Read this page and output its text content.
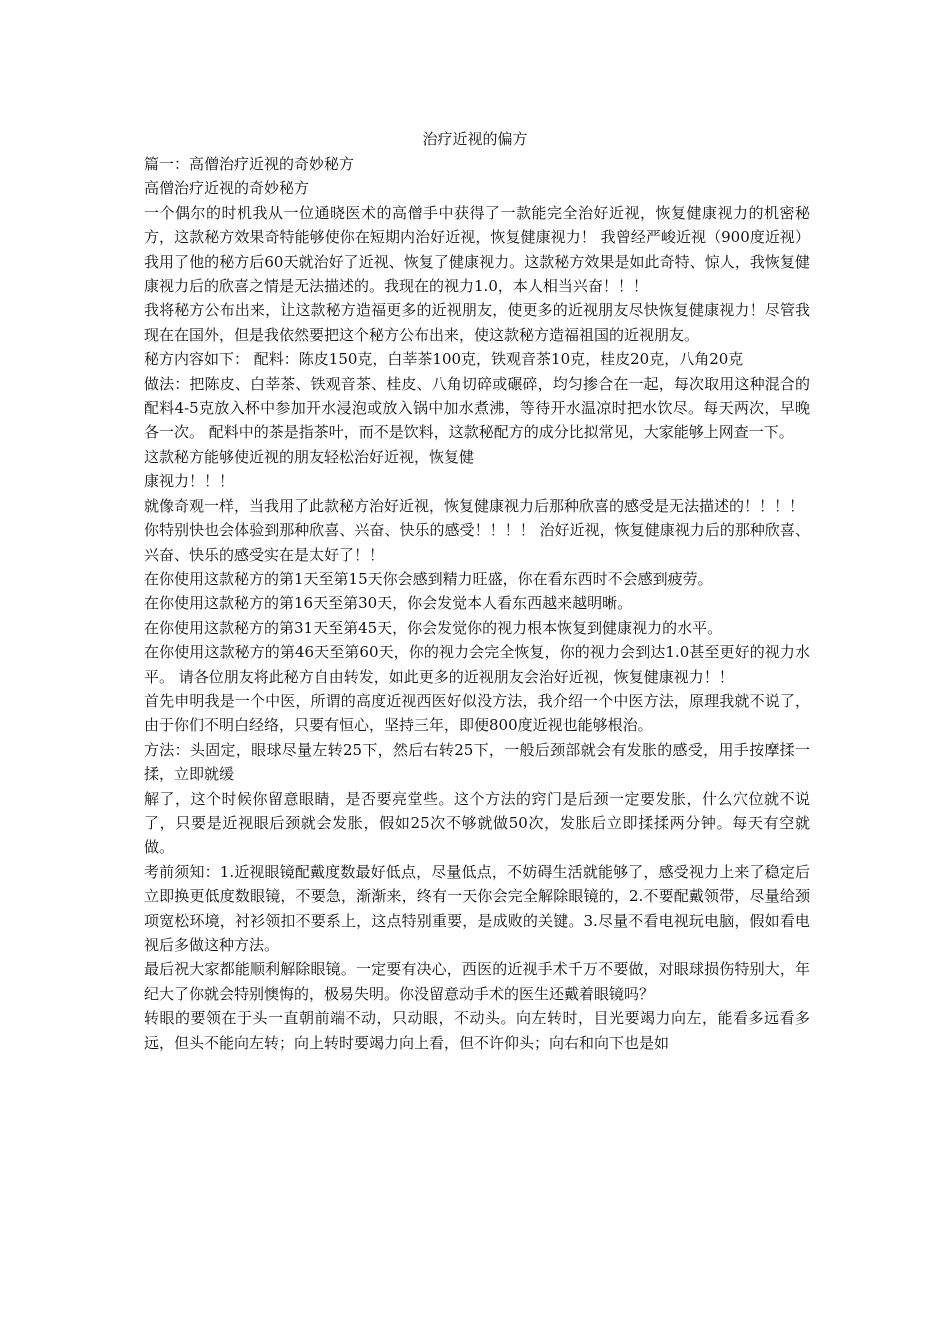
治疗近视的偏方

篇一：高僧治疗近视的奇妙秘方

高僧治疗近视的奇妙秘方

一个偶尔的时机我从一位通晓医术的高僧手中获得了一款能完全治好近视，恢复健康视力的机密秘方，这款秘方效果奇特能够使你在短期内治好近视，恢复健康视力！ 我曾经严峻近视（900度近视）我用了他的秘方后60天就治好了近视、恢复了健康视力。这款秘方效果是如此奇特、惊人，我恢复健康视力后的欣喜之情是无法描述的。我现在的视力1.0，本人相当兴奋！！！

我将秘方公布出来，让这款秘方造福更多的近视朋友，使更多的近视朋友尽快恢复健康视力！尽管我现在在国外，但是我依然要把这个秘方公布出来，使这款秘方造福祖国的近视朋友。

秘方内容如下： 配料：陈皮150克，白莘茶100克，铁观音茶10克，桂皮20克，八角20克

做法：把陈皮、白莘茶、铁观音茶、桂皮、八角切碎或碾碎，均匀掺合在一起，每次取用这种混合的配料4-5克放入杯中参加开水浸泡或放入锅中加水煮沸，等待开水温凉时把水饮尽。每天两次，早晚各一次。 配料中的茶是指茶叶，而不是饮料，这款秘配方的成分比拟常见，大家能够上网查一下。

这款秘方能够使近视的朋友轻松治好近视，恢复健

康视力！！！

就像奇观一样，当我用了此款秘方治好近视，恢复健康视力后那种欣喜的感受是无法描述的！！！！

你特别快也会体验到那种欣喜、兴奋、快乐的感受！！！！ 治好近视，恢复健康视力后的那种欣喜、兴奋、快乐的感受实在是太好了！！

在你使用这款秘方的第1天至第15天你会感到精力旺盛，你在看东西时不会感到疲劳。

在你使用这款秘方的第16天至第30天，你会发觉本人看东西越来越明晰。

在你使用这款秘方的第31天至第45天，你会发觉你的视力根本恢复到健康视力的水平。

在你使用这款秘方的第46天至第60天，你的视力会完全恢复，你的视力会到达1.0甚至更好的视力水平。 请各位朋友将此秘方自由转发，如此更多的近视朋友会治好近视，恢复健康视力！！

首先申明我是一个中医，所谓的高度近视西医好似没方法，我介绍一个中医方法，原理我就不说了，由于你们不明白经络，只要有恒心，坚持三年，即便800度近视也能够根治。

方法：头固定，眼球尽量左转25下，然后右转25下，一般后颈部就会有发胀的感受，用手按摩揉一揉，立即就缓

解了，这个时候你留意眼睛，是否要亮堂些。这个方法的窍门是后颈一定要发胀，什么穴位就不说了，只要是近视眼后颈就会发胀，假如25次不够就做50次，发胀后立即揉揉两分钟。每天有空就做。

考前须知：1.近视眼镜配戴度数最好低点，尽量低点，不妨碍生活就能够了，感受视力上来了稳定后立即换更低度数眼镜，不要急，渐渐来，终有一天你会完全解除眼镜的，2.不要配戴领带，尽量给颈项宽松环境，衬衫领扣不要系上，这点特别重要，是成败的关键。3.尽量不看电视玩电脑，假如看电视后多做这种方法。

最后祝大家都能顺利解除眼镜。一定要有决心，西医的近视手术千万不要做，对眼球损伤特别大，年纪大了你就会特别懊悔的，极易失明。你没留意动手术的医生还戴着眼镜吗？

转眼的要领在于头一直朝前端不动，只动眼，不动头。向左转时，目光要竭力向左，能看多远看多远，但头不能向左转；向上转时要竭力向上看，但不许仰头；向右和向下也是如
